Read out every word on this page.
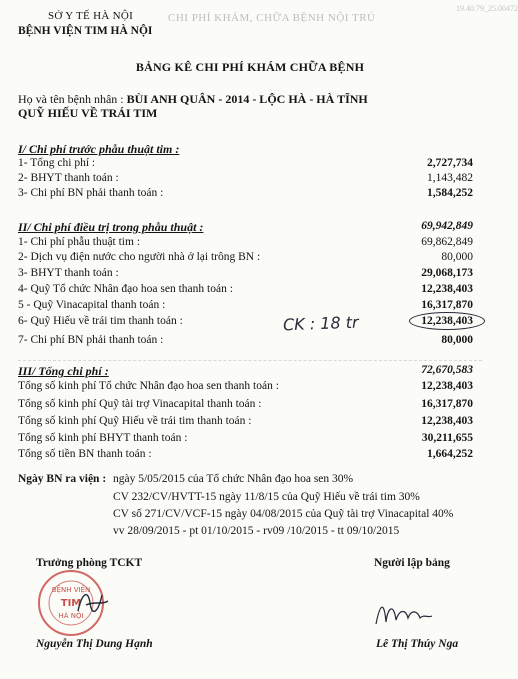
19.40.79_25.00472
CHI PHÍ KHÁM, CHỮA BỆNH NỘI TRÚ
SỞ Y TẾ HÀ NỘI
BỆNH VIỆN TIM HÀ NỘI
BẢNG KÊ CHI PHÍ KHÁM CHỮA BỆNH
Họ và tên bệnh nhân : BÙI ANH QUÂN - 2014 - LỘC HÀ - HÀ TĨNH
QUỸ HIẾU VỀ TRÁI TIM
I/ Chi phí trước phẫu thuật tim :
1- Tổng chi phí :	2,727,734
2- BHYT thanh toán :	1,143,482
3- Chi phí BN phải thanh toán :	1,584,252
II/ Chi phí điều trị trong phẫu thuật :	69,942,849
1- Chi phí phẫu thuật tim :	69,862,849
2- Dịch vụ điện nước cho người nhà ở lại trông BN :	80,000
3- BHYT thanh toán :	29,068,173
4- Quỹ Tổ chức Nhân đạo hoa sen thanh toán :	12,238,403
5 - Quỹ Vinacapital thanh toán :	16,317,870
6- Quỹ Hiếu về trái tim thanh toán :	12,238,403
CK : 18 tr
7- Chi phí BN phải thanh toán :	80,000
III/ Tổng chi phí :	72,670,583
Tổng số kinh phí Tổ chức Nhân đạo hoa sen thanh toán :	12,238,403
Tổng số kinh phí Quỹ tài trợ Vinacapital thanh toán :	16,317,870
Tổng số kinh phí Quỹ Hiếu về trái tim thanh toán :	12,238,403
Tổng số kinh phí BHYT thanh toán :	30,211,655
Tổng số tiền BN thanh toán :	1,664,252
Ngày BN ra viện : ngày 5/05/2015 của Tổ chức Nhân đạo hoa sen 30%
CV 232/CV/HVTT-15 ngày 11/8/15 của Quỹ Hiếu về trái tim 30%
CV số 271/CV/VCF-15 ngày 04/08/2015 của Quỹ tài trợ Vinacapital 40%
vv 28/09/2015 - pt 01/10/2015 - rv09 /10/2015 - tt 09/10/2015
Trưởng phòng TCKT	Người lập bảng
BỆNH VIỆN
TIM
HÀ NỘI
Nguyễn Thị Dung Hạnh	Lê Thị Thúy Nga
